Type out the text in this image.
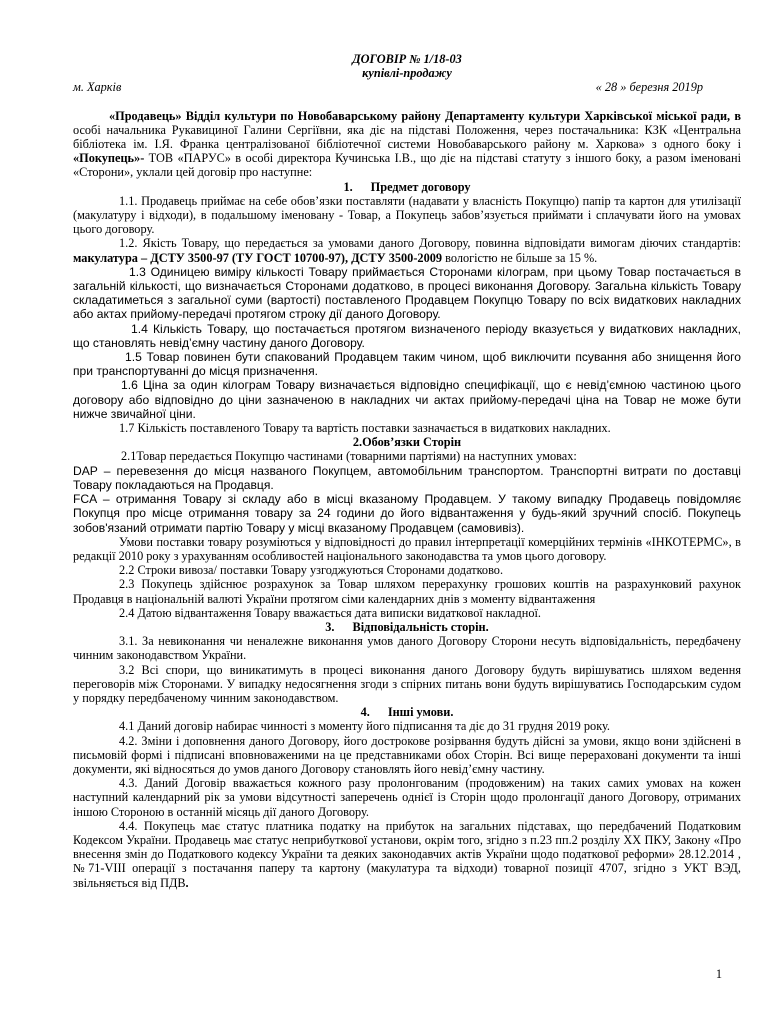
ДОГОВІР № 1/18-03
купівлі-продажу
м. Харків	« 28 » березня 2019р

«Продавець» Відділ культури по Новобаварському району Департаменту культури Харківської міської ради, в особі начальника Рукавициної Галини Сергіївни, яка діє на підставі Положення, через постачальника: КЗК «Центральна бібліотека ім. І.Я. Франка централізованої бібліотечної системи Новобаварського району м. Харкова» з одного боку і «Покупець»- ТОВ «ПАРУС» в особі директора Кучинська І.В., що діє на підставі статуту з іншого боку, а разом іменовані «Сторони», уклали цей договір про наступне:

1. Предмет договору

1.1. Продавець приймає на себе обов’язки поставляти (надавати у власність Покупцю) папір та картон для утилізації (макулатуру і відходи), в подальшому іменовану - Товар, а Покупець забов’язується приймати і сплачувати його на умовах цього договору.

1.2. Якість Товару, що передається за умовами даного Договору, повинна відповідати вимогам діючих стандартів: макулатура – ДСТУ 3500-97 (ТУ ГОСТ 10700-97), ДСТУ 3500-2009 вологістю не більше за 15 %.

1.3 Одиницею виміру кількості Товару приймається Сторонами кілограм, при цьому Товар постачається в загальній кількості, що визначається Сторонами додатково, в процесі виконання Договору. Загальна кількість Товару складатиметься з загальної суми (вартості) поставленого Продавцем Покупцю Товару по всіх видаткових накладних або актах прийому-передачі протягом строку дії даного Договору.

1.4 Кількість Товару, що постачається протягом визначеного періоду вказується у видаткових накладних, що становлять невід’ємну частину даного Договору.

1.5 Товар повинен бути спакований Продавцем таким чином, щоб виключити псування або знищення його при транспортуванні до місця призначення.

1.6 Ціна за один кілограм Товару визначається відповідно специфікації, що є невід’ємною частиною цього договору або відповідно до ціни зазначеною в накладних чи актах прийому-передачі ціна на Товар не може бути нижче звичайної ціни.

1.7 Кількість поставленого Товару та вартість поставки зазначається в видаткових накладних.

2.Обов’язки Сторін

2.1Товар передається Покупцю частинами (товарними партіями) на наступних умовах:

DAP – перевезення до місця названого Покупцем, автомобільним транспортом. Транспортні витрати по доставці Товару покладаються на Продавця.

FCA – отримання Товару зі складу або в місці вказаному Продавцем. У такому випадку Продавець повідомляє Покупця про місце отримання товару за 24 години до його відвантаження у будь-який зручний спосіб. Покупець зобов'язаний отримати партію Товару у місці вказаному Продавцем (самовивіз).

Умови поставки товару розуміються у відповідності до правил інтерпретації комерційних термінів «ІНКОТЕРМС», в редакції 2010 року з урахуванням особливостей національного законодавства та умов цього договору.

2.2 Строки вивоза/ поставки Товару узгоджуються Сторонами додатково.

2.3 Покупець здійснює розрахунок за Товар шляхом перерахунку грошових коштів на разрахунковий рахунок Продавця в національній валюті України протягом сіми календарних днів з моменту відвантаження

2.4 Датою відвантаження Товару вважається дата виписки видаткової накладної.

3. Відповідальність сторін.

3.1. За невиконання чи неналежне виконання умов даного Договору Сторони несуть відповідальність, передбачену чинним законодавством України.

3.2 Всі спори, що виникатимуть в процесі виконання даного Договору будуть вирішуватись шляхом ведення переговорів між Сторонами. У випадку недосягнення згоди з спірних питань вони будуть вирішуватись Господарським судом у порядку передбаченому чинним законодавством.

4. Інші умови.

4.1 Даний договір набирає чинності з моменту його підписання та діє до 31 грудня 2019 року.

4.2. Зміни і доповнення даного Договору, його дострокове розірвання будуть дійсні за умови, якщо вони здійснені в письмовій формі і підписані вповноваженими на це представниками обох Сторін. Всі вище перераховані документи та інші документи, які відносяться до умов даного Договору становлять його невід’ємну частину.

4.3. Даний Договір вважається кожного разу пролонгованим (продовженим) на таких самих умовах на кожен наступний календарний рік за умови відсутності заперечень однієї із Сторін щодо пролонгації даного Договору, отриманих іншою Стороною в останній місяць дії даного Договору.

4.4. Покупець має статус платника податку на прибуток на загальних підставах, що передбачений Податковим Кодексом України. Продавець має статус неприбуткової установи, окрім того, згідно з п.23 пп.2 розділу ХХ ПКУ, Закону «Про внесення змін до Податкового кодексу України та деяких законодавчих актів України щодо податкової реформи» 28.12.2014 , №71-VIII операції з постачання паперу та картону (макулатура та відходи) товарної позиції 4707, згідно з УКТ ВЭД, звільняється від ПДВ.

1
